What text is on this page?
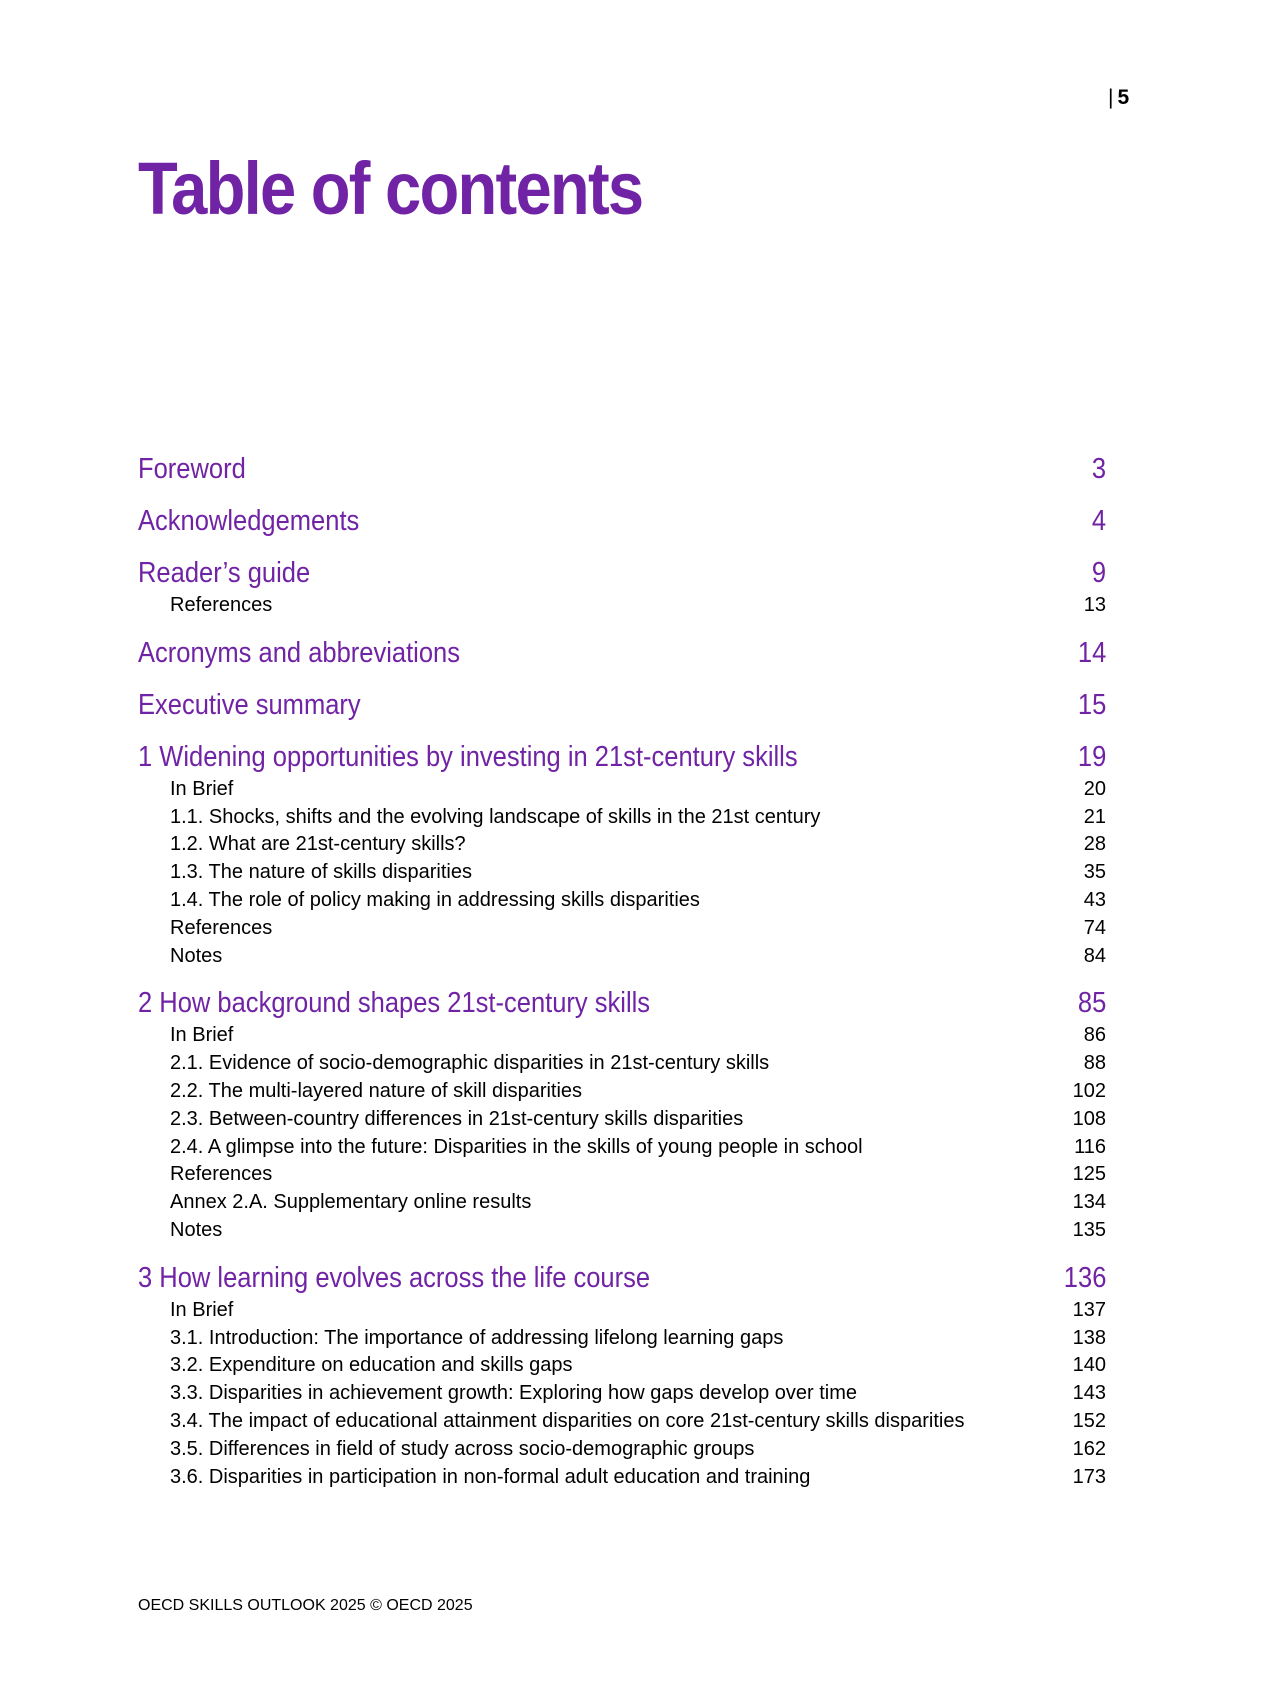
| 5
Table of contents
Foreword	3
Acknowledgements	4
Reader’s guide	9
References	13
Acronyms and abbreviations	14
Executive summary	15
1 Widening opportunities by investing in 21st-century skills	19
In Brief	20
1.1. Shocks, shifts and the evolving landscape of skills in the 21st century	21
1.2. What are 21st-century skills?	28
1.3. The nature of skills disparities	35
1.4. The role of policy making in addressing skills disparities	43
References	74
Notes	84
2 How background shapes 21st-century skills	85
In Brief	86
2.1. Evidence of socio-demographic disparities in 21st-century skills	88
2.2. The multi-layered nature of skill disparities	102
2.3. Between-country differences in 21st-century skills disparities	108
2.4. A glimpse into the future: Disparities in the skills of young people in school	116
References	125
Annex 2.A. Supplementary online results	134
Notes	135
3 How learning evolves across the life course	136
In Brief	137
3.1. Introduction: The importance of addressing lifelong learning gaps	138
3.2. Expenditure on education and skills gaps	140
3.3. Disparities in achievement growth: Exploring how gaps develop over time	143
3.4. The impact of educational attainment disparities on core 21st-century skills disparities	152
3.5. Differences in field of study across socio-demographic groups	162
3.6. Disparities in participation in non-formal adult education and training	173
OECD SKILLS OUTLOOK 2025 © OECD 2025
